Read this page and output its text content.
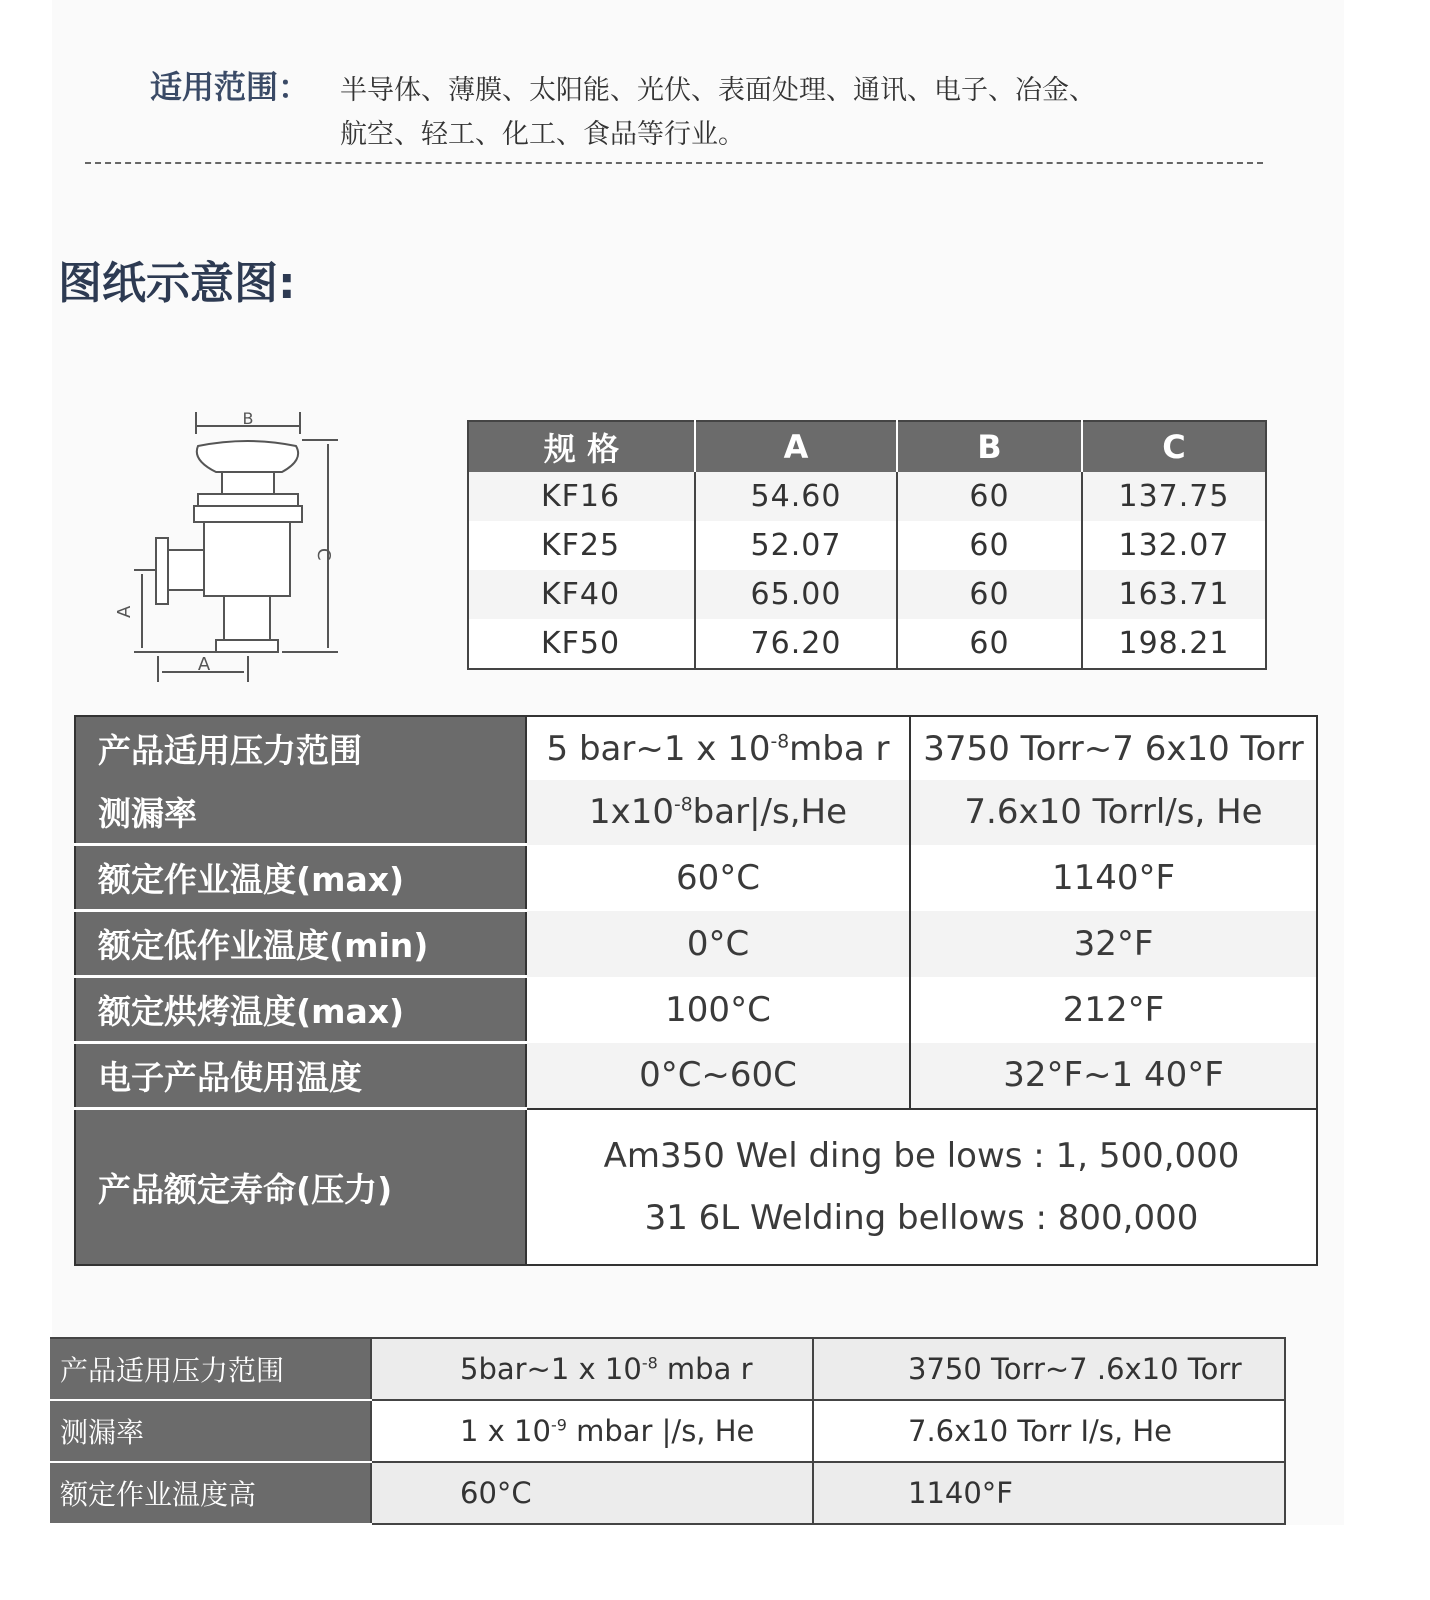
适用范围： 半导体、薄膜、太阳能、光伏、表面处理、通讯、电子、冶金、
航空、轻工、化工、食品等行业。
图纸示意图:
B
C
A
A
规 格	A	B	C
KF16	54.60	60	137.75
KF25	52.07	60	132.07
KF40	65.00	60	163.71
KF50	76.20	60	198.21
产品适用压力范围	5 bar~1 x $10^{-8}mba$ r	3750 Torr~7 6x10 Torr
测漏率	$1x10^{-8}bar|/s,He$	7.6x10 Torrl/s, He
额定作业温度(max)	60°C	1140°F
额定低作业温度(min)	0°C	32°F
额定烘烤温度(max)	100°C	212°F
电子产品使用温度	0°C~60C	32°F~1 40°F
产品额定寿命(压力)	Am350 Wel ding be lows : 1, 500,000
31 6L Welding bellows : 800,000	
产品适用压力范围	5bar~1 x $10^{-8}$ mba r	3750 Torr~7 .6x10 Torr
测漏率	1 x $10^{-9}$ mbar |/s, He	7.6x10 Torr I/s, He
额定作业温度高	60°C	1140°F
